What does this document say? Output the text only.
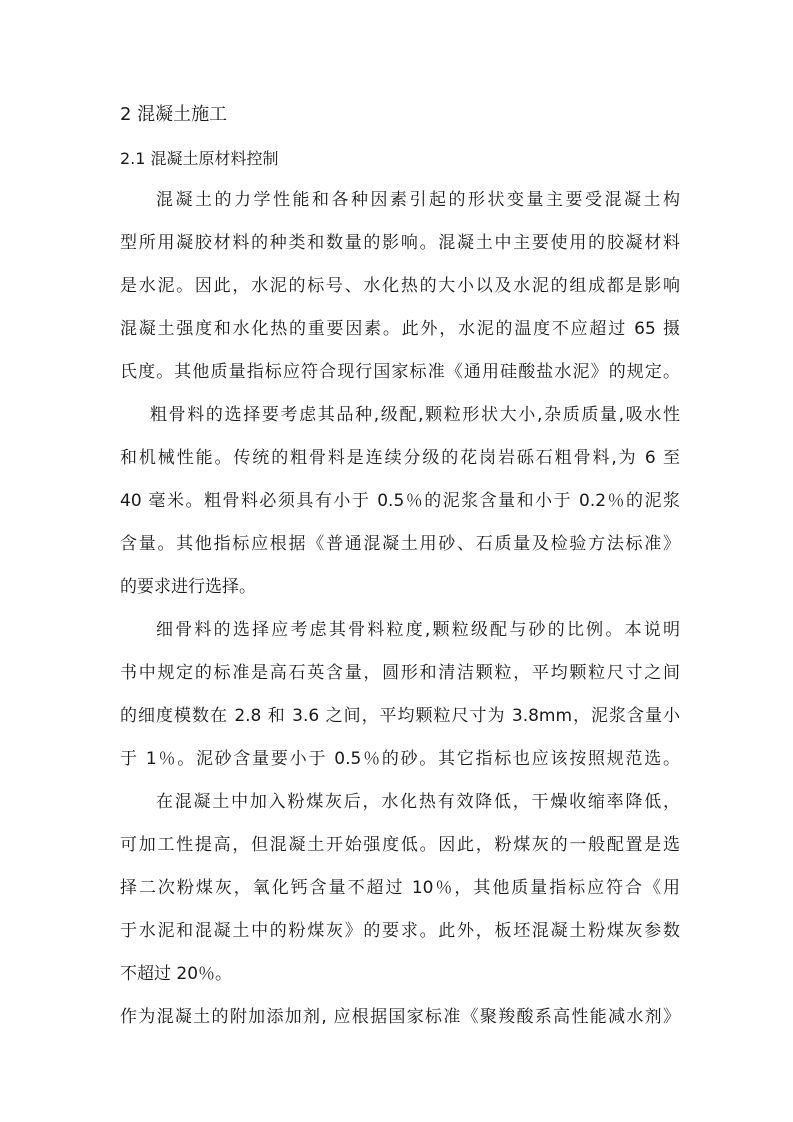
2 混凝土施工
2.1 混凝土原材料控制
混凝土的力学性能和各种因素引起的形状变量主要受混凝土构
型所用凝胶材料的种类和数量的影响。混凝土中主要使用的胶凝材料
是水泥。因此，水泥的标号、水化热的大小以及水泥的组成都是影响
混凝土强度和水化热的重要因素。此外，水泥的温度不应超过 65 摄
氏度。其他质量指标应符合现行国家标准《通用硅酸盐水泥》的规定。
粗骨料的选择要考虑其品种,级配,颗粒形状大小,杂质质量,吸水性
和机械性能。传统的粗骨料是连续分级的花岗岩砾石粗骨料,为 6 至
40 毫米。粗骨料必须具有小于 0.5％的泥浆含量和小于 0.2％的泥浆
含量。其他指标应根据《普通混凝土用砂、石质量及检验方法标准》
的要求进行选择。
细骨料的选择应考虑其骨料粒度,颗粒级配与砂的比例。本说明
书中规定的标准是高石英含量，圆形和清洁颗粒，平均颗粒尺寸之间
的细度模数在 2.8 和 3.6 之间，平均颗粒尺寸为 3.8mm，泥浆含量小
于 1％。泥砂含量要小于 0.5％的砂。其它指标也应该按照规范选。
在混凝土中加入粉煤灰后，水化热有效降低，干燥收缩率降低，
可加工性提高，但混凝土开始强度低。因此，粉煤灰的一般配置是选
择二次粉煤灰，氧化钙含量不超过 10％，其他质量指标应符合《用
于水泥和混凝土中的粉煤灰》的要求。此外，板坯混凝土粉煤灰参数
不超过 20％。
作为混凝土的附加添加剂, 应根据国家标准《聚羧酸系高性能减水剂》
